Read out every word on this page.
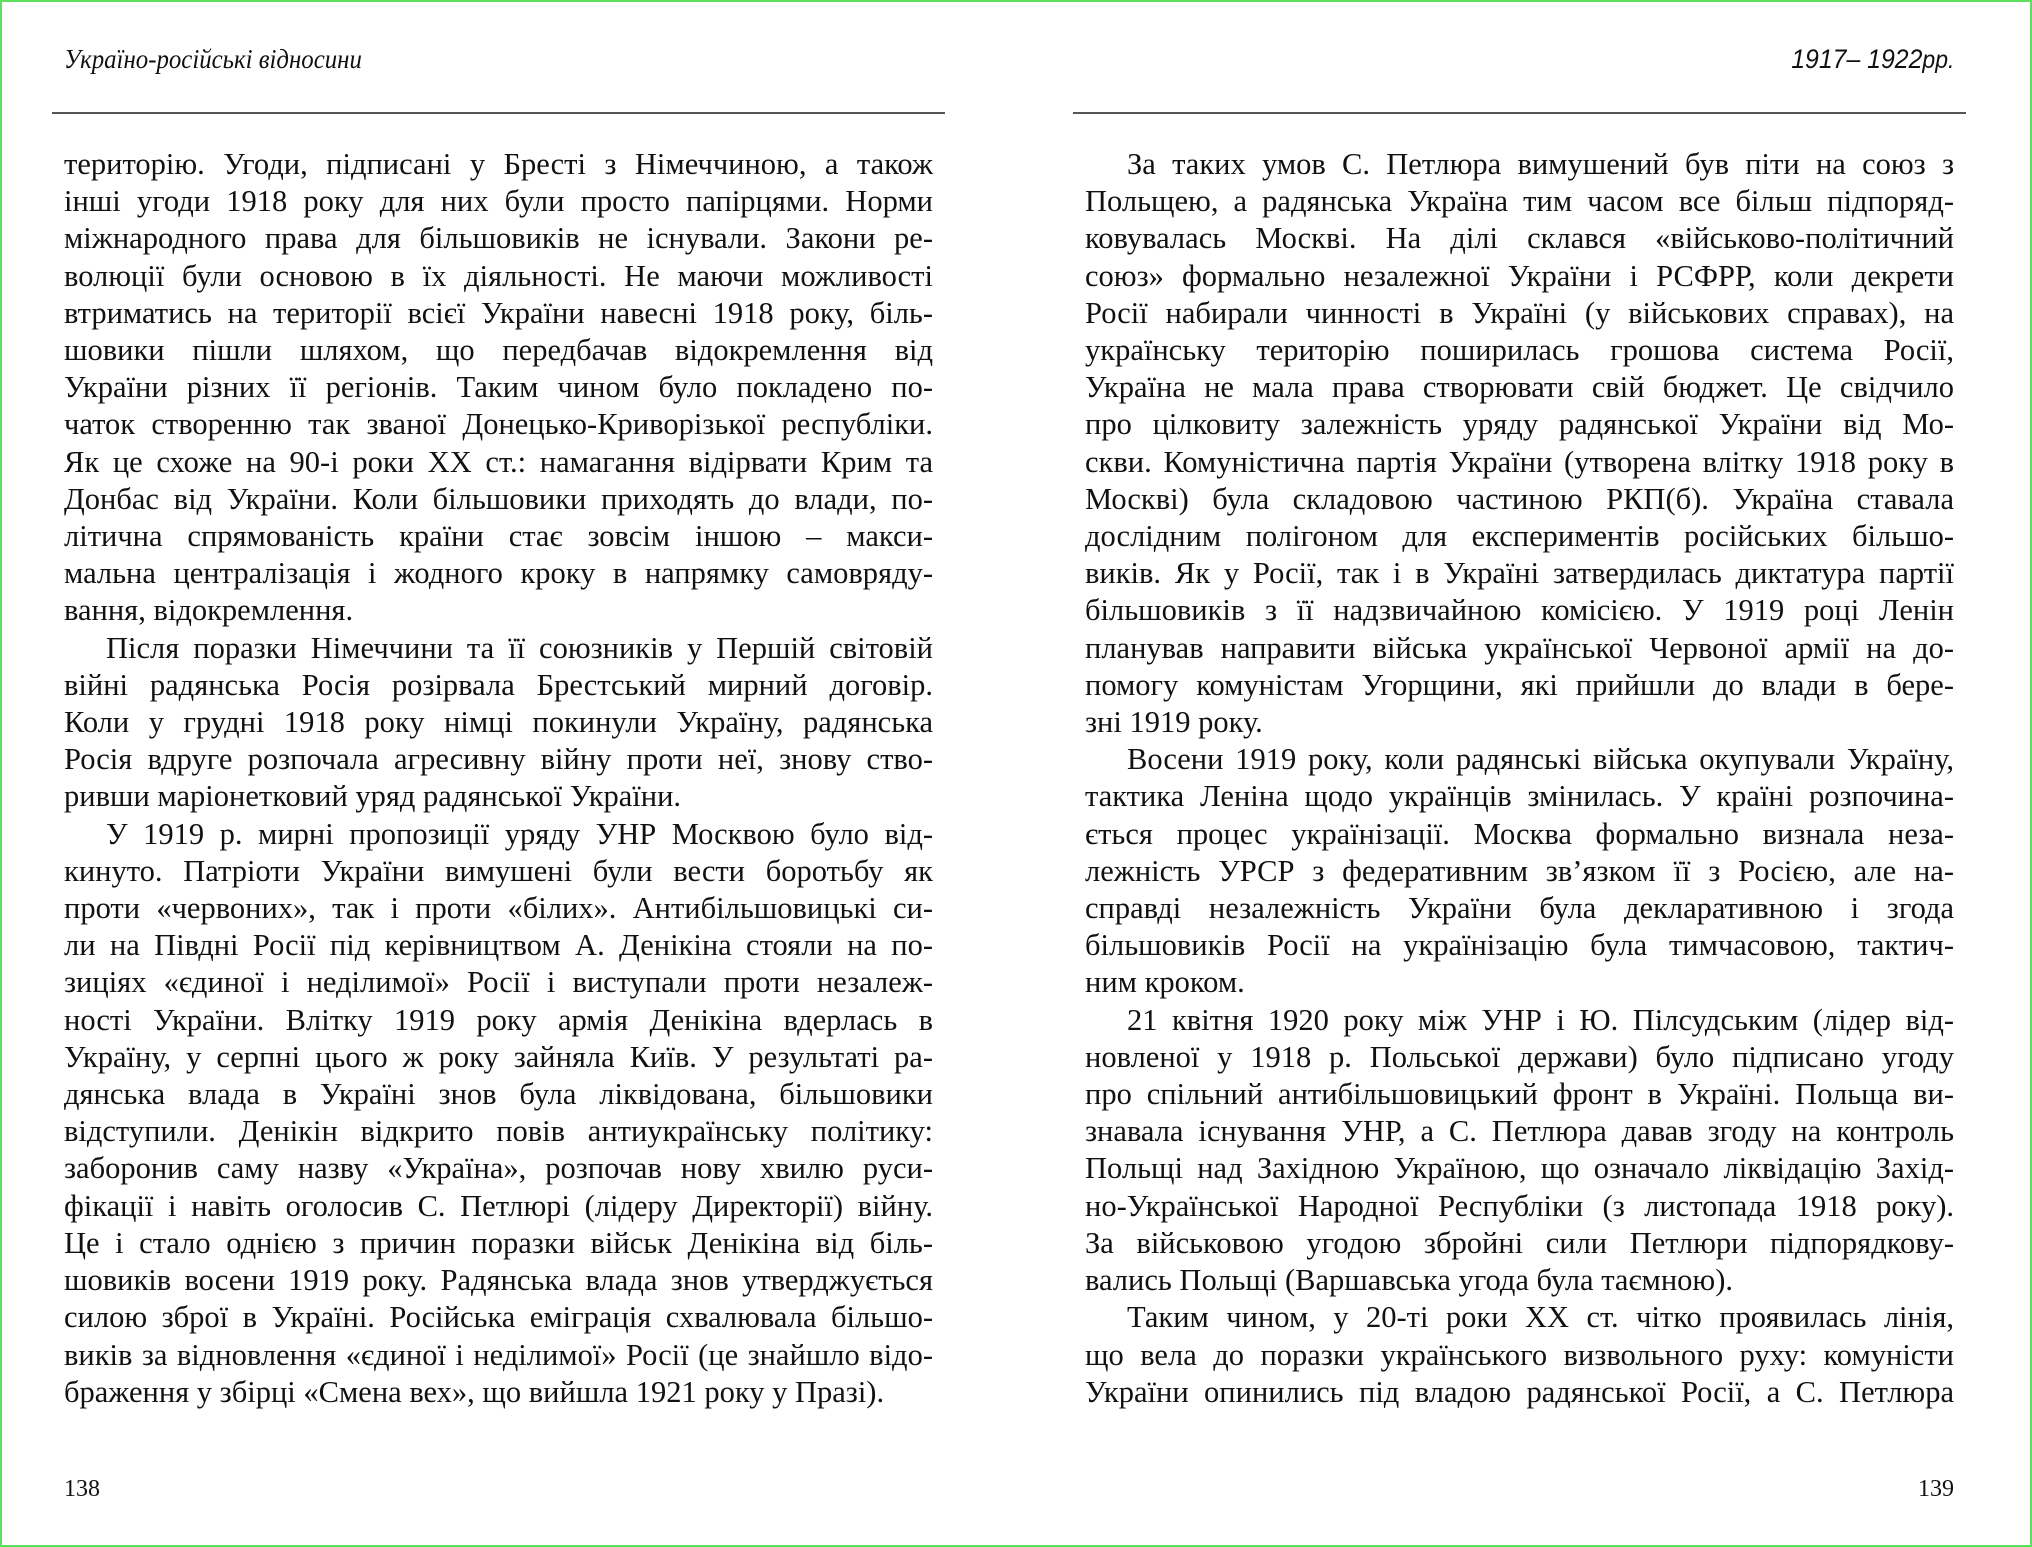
Україно-російські відносини

територію. Угоди, підписані у Бресті з Німеччиною, а також
інші угоди 1918 року для них були просто папірцями. Норми
міжнародного права для більшовиків не існували. Закони ре-
волюції були основою в їх діяльності. Не маючи можливості
втриматись на території всієї України навесні 1918 року, біль-
шовики пішли шляхом, що передбачав відокремлення від
України різних її регіонів. Таким чином було покладено по-
чаток створенню так званої Донецько-Криворізької республіки.
Як це схоже на 90-і роки XX ст.: намагання відірвати Крим та
Донбас від України. Коли більшовики приходять до влади, по-
літична спрямованість країни стає зовсім іншою – макси-
мальна централізація і жодного кроку в напрямку самовряду-
вання, відокремлення.

Після поразки Німеччини та її союзників у Першій світовій
війні радянська Росія розірвала Брестський мирний договір.
Коли у грудні 1918 року німці покинули Україну, радянська
Росія вдруге розпочала агресивну війну проти неї, знову ство-
ривши маріонетковий уряд радянської України.

У 1919 р. мирні пропозиції уряду УНР Москвою було від-
кинуто. Патріоти України вимушені були вести боротьбу як
проти «червоних», так і проти «білих». Антибільшовицькі си-
ли на Півдні Росії під керівництвом А. Денікіна стояли на по-
зиціях «єдиної і неділимої» Росії і виступали проти незалеж-
ності України. Влітку 1919 року армія Денікіна вдерлась в
Україну, у серпні цього ж року зайняла Київ. У результаті ра-
дянська влада в Україні знов була ліквідована, більшовики
відступили. Денікін відкрито повів антиукраїнську політику:
заборонив саму назву «Україна», розпочав нову хвилю руси-
фікації і навіть оголосив С. Петлюрі (лідеру Директорії) війну.
Це і стало однією з причин поразки військ Денікіна від біль-
шовиків восени 1919 року. Радянська влада знов утверджується
силою зброї в Україні. Російська еміграція схвалювала більшо-
виків за відновлення «єдиної і неділимої» Росії (це знайшло відо-
браження у збірці «Смена вех», що вийшла 1921 року у Празі).

138
1917– 1922рр.

За таких умов С. Петлюра вимушений був піти на союз з
Польщею, а радянська Україна тим часом все більш підпоряд-
ковувалась Москві. На ділі склався «військово-політичний
союз» формально незалежної України і РСФРР, коли декрети
Росії набирали чинності в Україні (у військових справах), на
українську територію поширилась грошова система Росії,
Україна не мала права створювати свій бюджет. Це свідчило
про цілковиту залежність уряду радянської України від Мо-
скви. Комуністична партія України (утворена влітку 1918 року в
Москві) була складовою частиною РКП(б). Україна ставала
дослідним полігоном для експериментів російських більшо-
виків. Як у Росії, так і в Україні затвердилась диктатура партії
більшовиків з її надзвичайною комісією. У 1919 році Ленін
планував направити війська української Червоної армії на до-
помогу комуністам Угорщини, які прийшли до влади в бере-
зні 1919 року.

Восени 1919 року, коли радянські війська окупували Україну,
тактика Леніна щодо українців змінилась. У країні розпочина-
ється процес українізації. Москва формально визнала неза-
лежність УРСР з федеративним зв’язком її з Росією, але на-
справді незалежність України була декларативною і згода
більшовиків Росії на українізацію була тимчасовою, тактич-
ним кроком.

21 квітня 1920 року між УНР і Ю. Пілсудським (лідер від-
новленої у 1918 р. Польської держави) було підписано угоду
про спільний антибільшовицький фронт в Україні. Польща ви-
знавала існування УНР, а С. Петлюра давав згоду на контроль
Польщі над Західною Україною, що означало ліквідацію Захід-
но-Української Народної Республіки (з листопада 1918 року).
За військовою угодою збройні сили Петлюри підпорядкову-
вались Польщі (Варшавська угода була таємною).

Таким чином, у 20-ті роки XX ст. чітко проявилась лінія,
що вела до поразки українського визвольного руху: комуністи
України опинились під владою радянської Росії, а С. Петлюра

139
